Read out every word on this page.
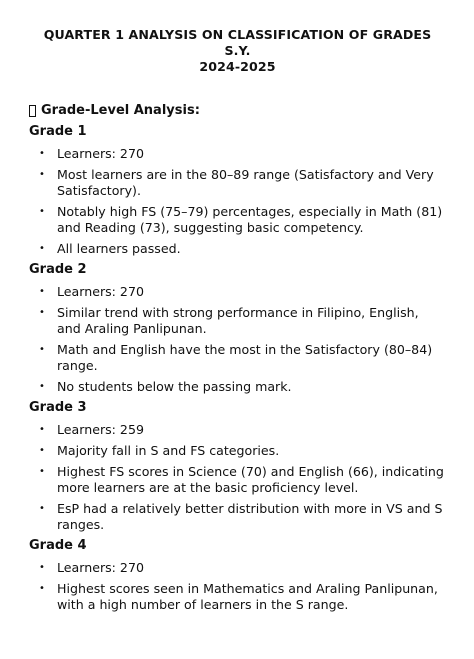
QUARTER 1 ANALYSIS ON CLASSIFICATION OF GRADES S.Y.
2024-2025
Grade-Level Analysis:
Grade 1
• Learners: 270
• Most learners are in the 80–89 range (Satisfactory and Very Satisfactory).
• Notably high FS (75–79) percentages, especially in Math (81) and Reading (73), suggesting basic competency.
• All learners passed.
Grade 2
• Learners: 270
• Similar trend with strong performance in Filipino, English, and Araling Panlipunan.
• Math and English have the most in the Satisfactory (80–84) range.
• No students below the passing mark.
Grade 3
• Learners: 259
• Majority fall in S and FS categories.
• Highest FS scores in Science (70) and English (66), indicating more learners are at the basic proficiency level.
• EsP had a relatively better distribution with more in VS and S ranges.
Grade 4
• Learners: 270
• Highest scores seen in Mathematics and Araling Panlipunan, with a high number of learners in the S range.
